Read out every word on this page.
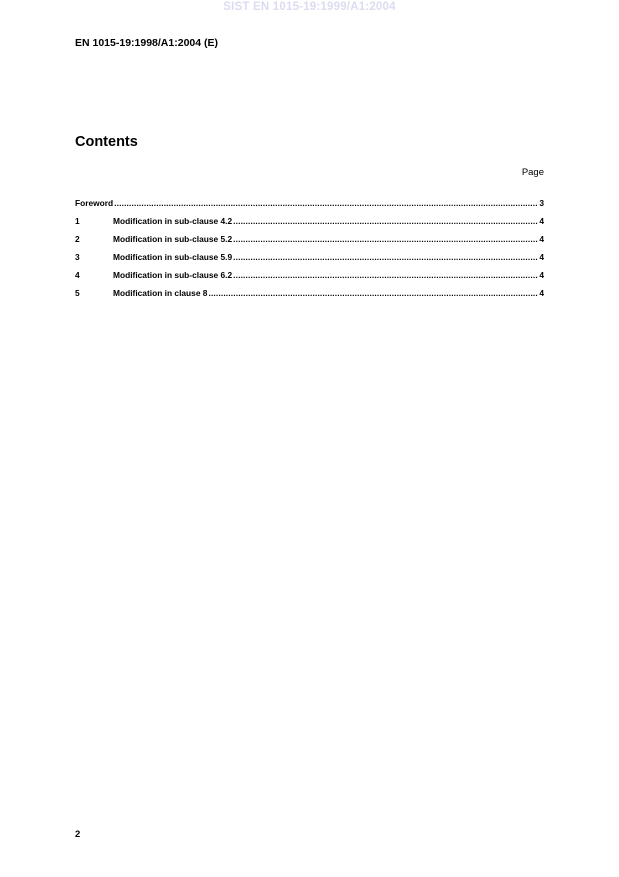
SIST EN 1015-19:1999/A1:2004
EN 1015-19:1998/A1:2004 (E)
Contents
Page
Foreword .....	3
1	Modification in sub-clause 4.2 .....	4
2	Modification in sub-clause 5.2 .....	4
3	Modification in sub-clause 5.9 .....	4
4	Modification in sub-clause 6.2 .....	4
5	Modification in clause 8 .....	4
2
